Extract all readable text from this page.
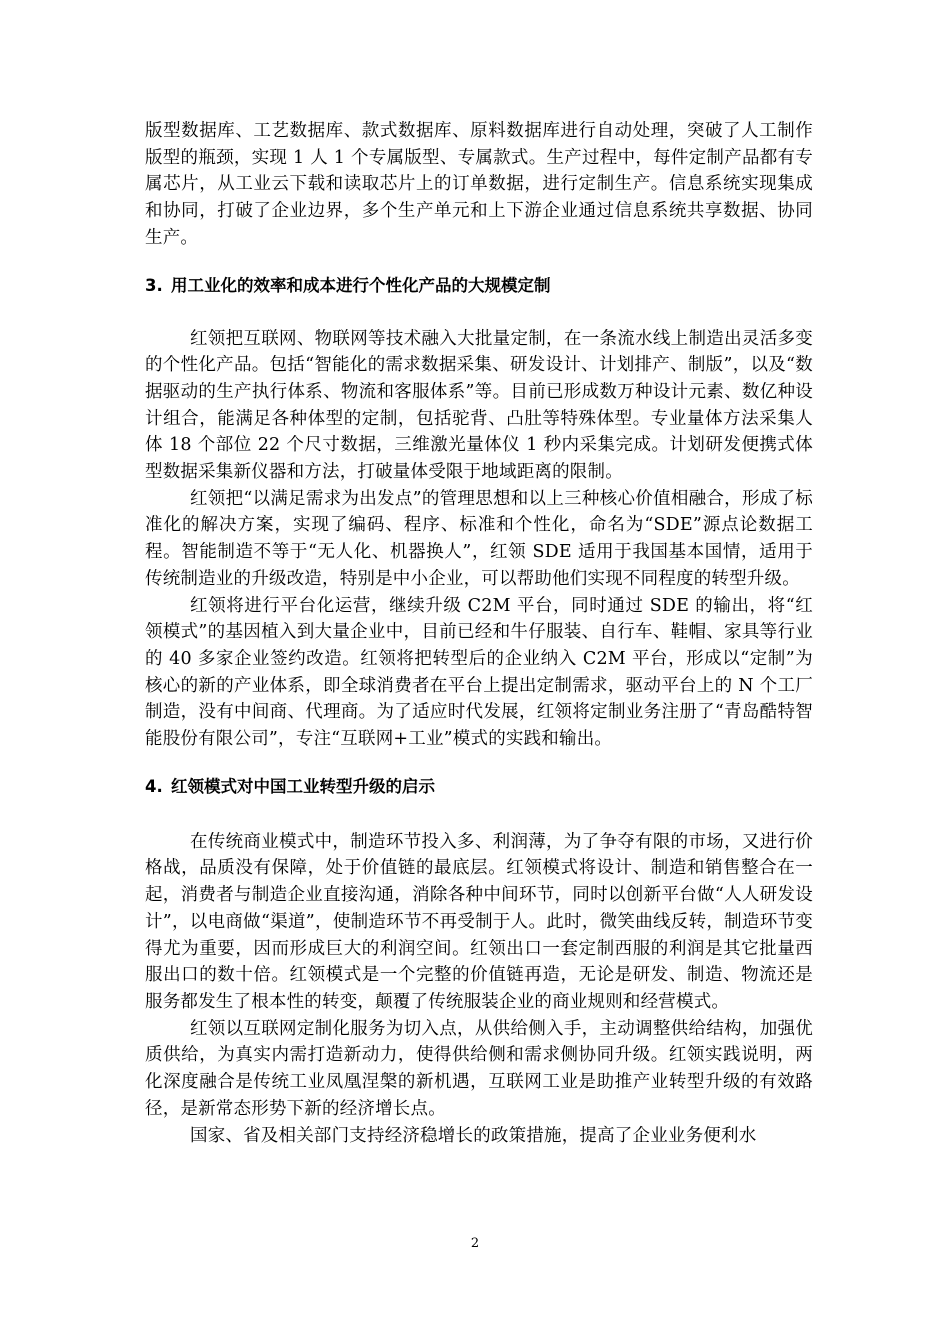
版型数据库、工艺数据库、款式数据库、原料数据库进行自动处理，突破了人工制作版型的瓶颈，实现 1 人 1 个专属版型、专属款式。生产过程中，每件定制产品都有专属芯片，从工业云下载和读取芯片上的订单数据，进行定制生产。信息系统实现集成和协同，打破了企业边界，多个生产单元和上下游企业通过信息系统共享数据、协同生产。

3. 用工业化的效率和成本进行个性化产品的大规模定制

红领把互联网、物联网等技术融入大批量定制，在一条流水线上制造出灵活多变的个性化产品。包括“智能化的需求数据采集、研发设计、计划排产、制版”，以及“数据驱动的生产执行体系、物流和客服体系”等。目前已形成数万种设计元素、数亿种设计组合，能满足各种体型的定制，包括驼背、凸肚等特殊体型。专业量体方法采集人体 18 个部位 22 个尺寸数据，三维激光量体仪 1 秒内采集完成。计划研发便携式体型数据采集新仪器和方法，打破量体受限于地域距离的限制。

红领把“以满足需求为出发点”的管理思想和以上三种核心价值相融合，形成了标准化的解决方案，实现了编码、程序、标准和个性化，命名为“SDE”源点论数据工程。智能制造不等于“无人化、机器换人”，红领 SDE 适用于我国基本国情，适用于传统制造业的升级改造，特别是中小企业，可以帮助他们实现不同程度的转型升级。

红领将进行平台化运营，继续升级 C2M 平台，同时通过 SDE 的输出，将“红领模式”的基因植入到大量企业中，目前已经和牛仔服装、自行车、鞋帽、家具等行业的 40 多家企业签约改造。红领将把转型后的企业纳入 C2M 平台，形成以“定制”为核心的新的产业体系，即全球消费者在平台上提出定制需求，驱动平台上的 N 个工厂制造，没有中间商、代理商。为了适应时代发展，红领将定制业务注册了“青岛酷特智能股份有限公司”，专注“互联网+工业”模式的实践和输出。

4. 红领模式对中国工业转型升级的启示

在传统商业模式中，制造环节投入多、利润薄，为了争夺有限的市场，又进行价格战，品质没有保障，处于价值链的最底层。红领模式将设计、制造和销售整合在一起，消费者与制造企业直接沟通，消除各种中间环节，同时以创新平台做“人人研发设计”，以电商做“渠道”，使制造环节不再受制于人。此时，微笑曲线反转，制造环节变得尤为重要，因而形成巨大的利润空间。红领出口一套定制西服的利润是其它批量西服出口的数十倍。红领模式是一个完整的价值链再造，无论是研发、制造、物流还是服务都发生了根本性的转变，颠覆了传统服装企业的商业规则和经营模式。

红领以互联网定制化服务为切入点，从供给侧入手，主动调整供给结构，加强优质供给，为真实内需打造新动力，使得供给侧和需求侧协同升级。红领实践说明，两化深度融合是传统工业凤凰涅槃的新机遇，互联网工业是助推产业转型升级的有效路径，是新常态形势下新的经济增长点。

国家、省及相关部门支持经济稳增长的政策措施，提高了企业业务便利水

2
